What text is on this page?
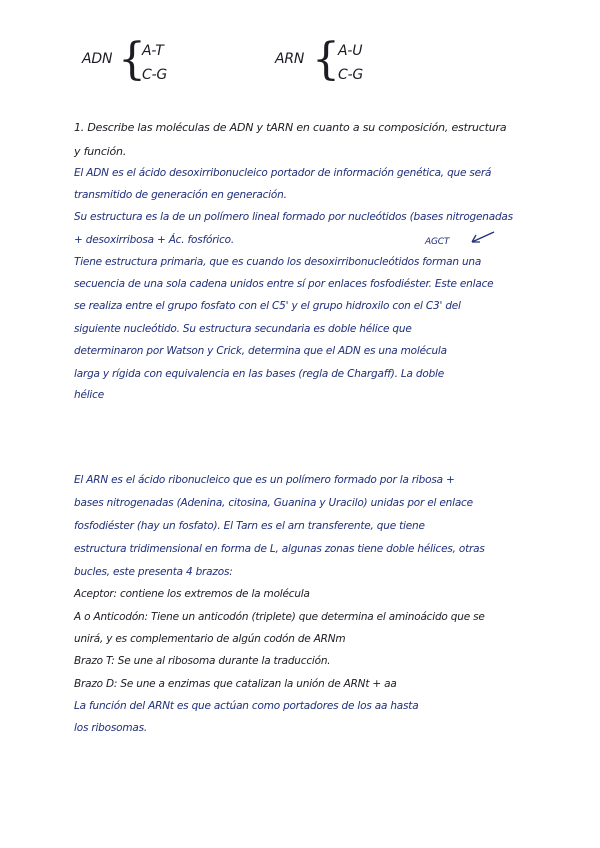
ADN {
A-T
C-G
ARN {
A-U
C-G
1. Describe las moléculas de ADN y tARN en cuanto a su composición, estructura
y función.
El ADN es el ácido desoxirribonucleico portador de información genética, que será
transmitido de generación en generación.
Su estructura es la de un polímero lineal formado por nucleótidos (bases nitrogenadas
+ desoxirribosa + Ác. fosfórico.	AGCT
Tiene estructura primaria, que es cuando los desoxirribonucleótidos forman una
secuencia de una sola cadena unidos entre sí por enlaces fosfodiéster. Este enlace
se realiza entre el grupo fosfato con el C5' y el grupo hidroxilo con el C3' del
siguiente nucleótido. Su estructura secundaria es doble hélice que
determinaron por Watson y Crick, determina que el ADN es una molécula
larga y rígida con equivalencia en las bases (regla de Chargaff). La doble
hélice
El ARN es el ácido ribonucleico que es un polímero formado por la ribosa +
bases nitrogenadas (Adenina, citosina, Guanina y Uracilo) unidas por el enlace
fosfodiéster (hay un fosfato). El Tarn es el arn transferente, que tiene
estructura tridimensional en forma de L, algunas zonas tiene doble hélices, otras
bucles, este presenta 4 brazos:
Aceptor: contiene los extremos de la molécula
A o Anticodón: Tiene un anticodón (triplete) que determina el aminoácido que se
unirá, y es complementario de algún codón de ARNm
Brazo T: Se une al ribosoma durante la traducción.
Brazo D: Se une a enzimas que catalizan la unión de ARNt + aa
La función del ARNt es que actúan como portadores de los aa hasta
los ribosomas.
